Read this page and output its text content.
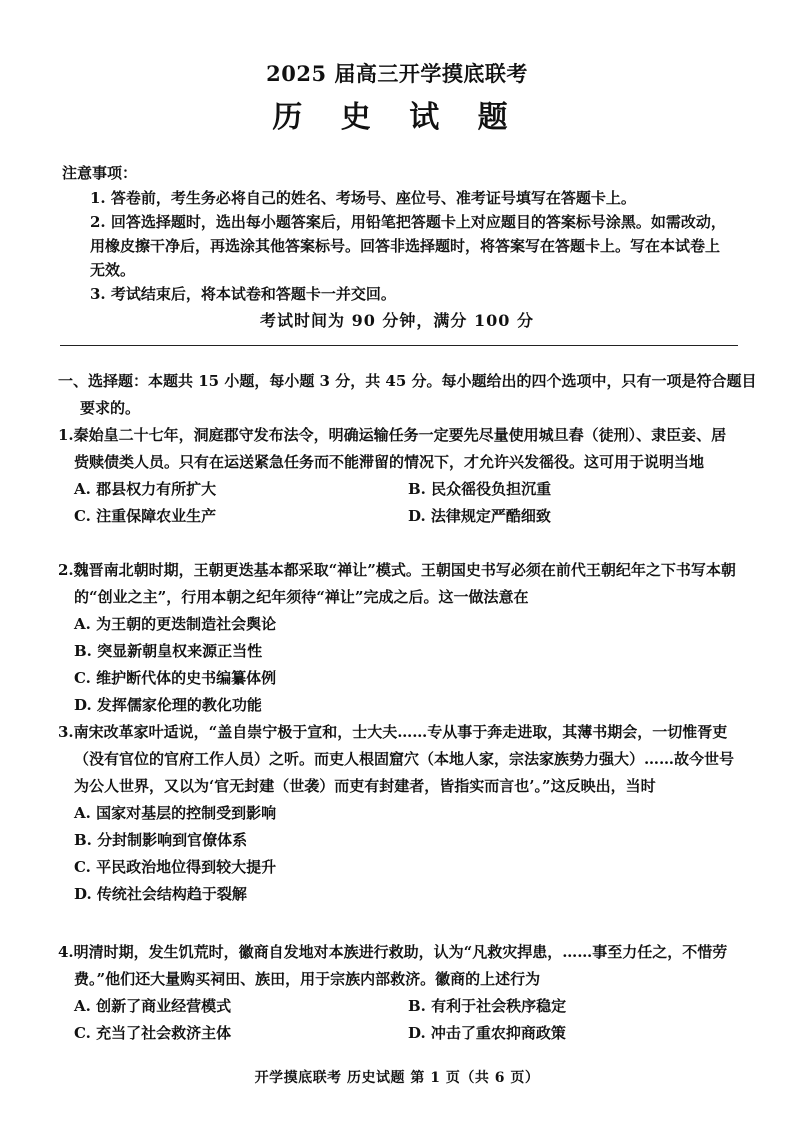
2025 届高三开学摸底联考
历 史 试 题
注意事项：
1. 答卷前，考生务必将自己的姓名、考场号、座位号、准考证号填写在答题卡上。
2. 回答选择题时，选出每小题答案后，用铅笔把答题卡上对应题目的答案标号涂黑。如需改动，用橡皮擦干净后，再选涂其他答案标号。回答非选择题时，将答案写在答题卡上。写在本试卷上无效。
3. 考试结束后，将本试卷和答题卡一并交回。
考试时间为 90 分钟，满分 100 分
一、选择题：本题共 15 小题，每小题 3 分，共 45 分。每小题给出的四个选项中，只有一项是符合题目要求的。
1.秦始皇二十七年，洞庭郡守发布法令，明确运输任务一定要先尽量使用城旦舂（徒刑）、隶臣妾、居赀赎债类人员。只有在运送紧急任务而不能滞留的情况下，才允许兴发徭役。这可用于说明当地
A. 郡县权力有所扩大	B. 民众徭役负担沉重
C. 注重保障农业生产	D. 法律规定严酷细致
2.魏晋南北朝时期，王朝更迭基本都采取“禅让”模式。王朝国史书写必须在前代王朝纪年之下书写本朝的“创业之主”，行用本朝之纪年须待“禅让”完成之后。这一做法意在
A. 为王朝的更迭制造社会舆论
B. 突显新朝皇权来源正当性
C. 维护断代体的史书编纂体例
D. 发挥儒家伦理的教化功能
3.南宋改革家叶适说，“盖自崇宁极于宣和，士大夫……专从事于奔走进取，其薄书期会，一切惟胥吏（没有官位的官府工作人员）之听。而吏人根固窟穴（本地人家，宗法家族势力强大）……故今世号为公人世界，又以为‘官无封建（世袭）而吏有封建者，皆指实而言也’。”这反映出，当时
A. 国家对基层的控制受到影响
B. 分封制影响到官僚体系
C. 平民政治地位得到较大提升
D. 传统社会结构趋于裂解
4.明清时期，发生饥荒时，徽商自发地对本族进行救助，认为“凡救灾捍患，……事至力任之，不惜劳费。”他们还大量购买祠田、族田，用于宗族内部救济。徽商的上述行为
A. 创新了商业经营模式	B. 有利于社会秩序稳定
C. 充当了社会救济主体	D. 冲击了重农抑商政策
开学摸底联考 历史试题 第 1 页（共 6 页）
